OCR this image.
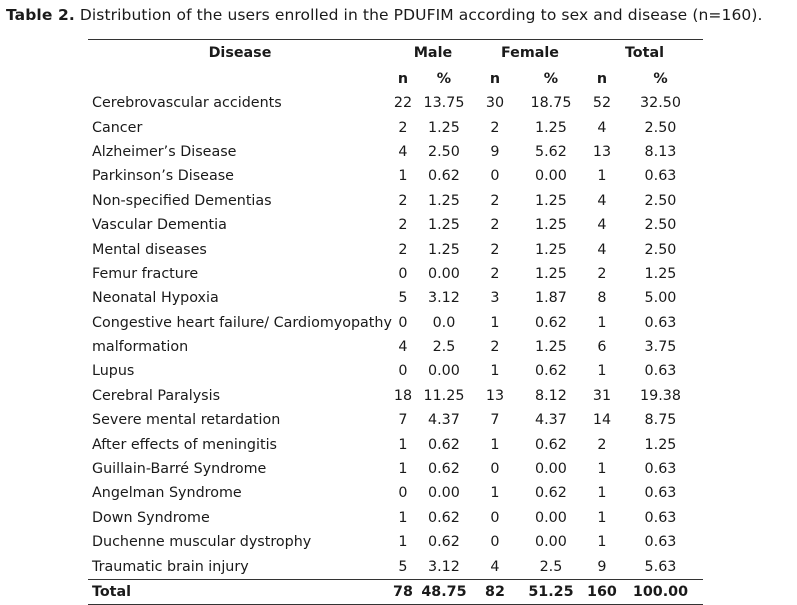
Table 2. Distribution of the users enrolled in the PDUFIM according to sex and disease (n=160).
Disease	Male		Female		Total	
	n	%	n	%	n	%
Cerebrovascular accidents	22	13.75	30	18.75	52	32.50
Cancer	2	1.25	2	1.25	4	2.50
Alzheimer’s Disease	4	2.50	9	5.62	13	8.13
Parkinson’s Disease	1	0.62	0	0.00	1	0.63
Non-specified Dementias	2	1.25	2	1.25	4	2.50
Vascular Dementia	2	1.25	2	1.25	4	2.50
Mental diseases	2	1.25	2	1.25	4	2.50
Femur fracture	0	0.00	2	1.25	2	1.25
Neonatal Hypoxia	5	3.12	3	1.87	8	5.00
Congestive heart failure/ Cardiomyopathy	0	0.0	1	0.62	1	0.63
malformation	4	2.5	2	1.25	6	3.75
Lupus	0	0.00	1	0.62	1	0.63
Cerebral Paralysis	18	11.25	13	8.12	31	19.38
Severe mental retardation	7	4.37	7	4.37	14	8.75
After effects of meningitis	1	0.62	1	0.62	2	1.25
Guillain-Barré Syndrome	1	0.62	0	0.00	1	0.63
Angelman Syndrome	0	0.00	1	0.62	1	0.63
Down Syndrome	1	0.62	0	0.00	1	0.63
Duchenne muscular dystrophy	1	0.62	0	0.00	1	0.63
Traumatic brain injury	5	3.12	4	2.5	9	5.63
Total	78	48.75	82	51.25	160	100.00
